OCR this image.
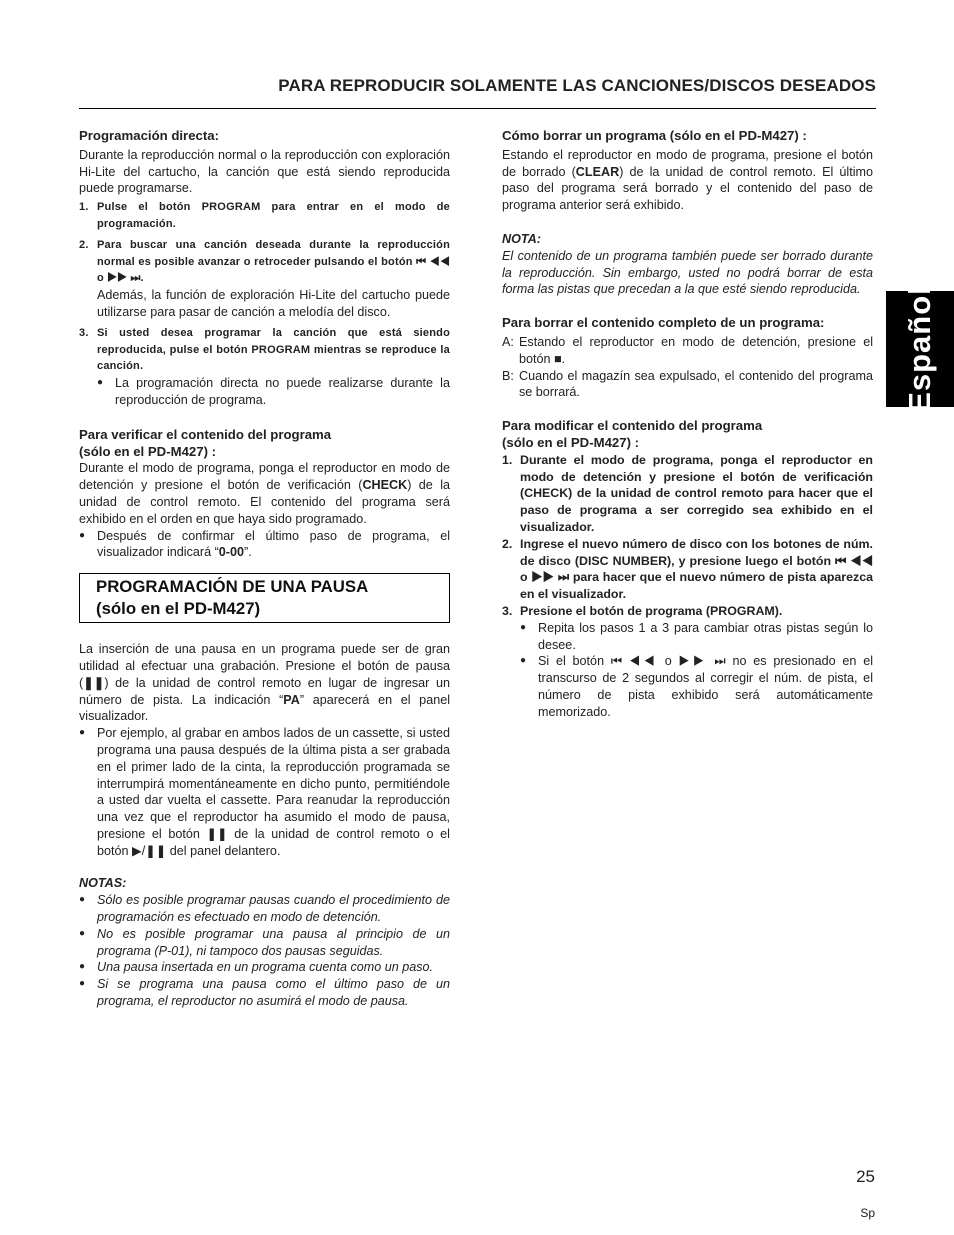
PARA REPRODUCIR SOLAMENTE LAS CANCIONES/DISCOS DESEADOS
Programación directa:

Durante la reproducción normal o la reproducción con exploración Hi-Lite del cartucho, la canción que está siendo reproducida puede programarse.

1. Pulse el botón PROGRAM para entrar en el modo de programación.
2. Para buscar una canción deseada durante la reproducción normal es posible avanzar o retroceder pulsando el botón ⏮ ◀◀ o ▶▶ ⏭.
Además, la función de exploración Hi-Lite del cartucho puede utilizarse para pasar de canción a melodía del disco.
3. Si usted desea programar la canción que está siendo reproducida, pulse el botón PROGRAM mientras se reproduce la canción.
● La programación directa no puede realizarse durante la reproducción de programa.
Para verificar el contenido del programa
(sólo en el PD-M427) :

Durante el modo de programa, ponga el reproductor en modo de detención y presione el botón de verificación (CHECK) de la unidad de control remoto. El contenido del programa será exhibido en el orden en que haya sido programado.

● Después de confirmar el último paso de programa, el visualizador indicará “0-00”.
PROGRAMACIÓN DE UNA PAUSA
(sólo en el PD-M427)

La inserción de una pausa en un programa puede ser de gran utilidad al efectuar una grabación. Presione el botón de pausa (❚❚) de la unidad de control remoto en lugar de ingresar un número de pista. La indicación “PA” aparecerá en el panel visualizador.

● Por ejemplo, al grabar en ambos lados de un cassette, si usted programa una pausa después de la última pista a ser grabada en el primer lado de la cinta, la reproducción programada se interrumpirá momentáneamente en dicho punto, permitiéndole a usted dar vuelta el cassette. Para reanudar la reproducción una vez que el reproductor ha asumido el modo de pausa, presione el botón ❚❚ de la unidad de control remoto o el botón ▶/❚❚ del panel delantero.
NOTAS:
● Sólo es posible programar pausas cuando el procedimiento de programación es efectuado en modo de detención.
● No es posible programar una pausa al principio de un programa (P-01), ni tampoco dos pausas seguidas.
● Una pausa insertada en un programa cuenta como un paso.
● Si se programa una pausa como el último paso de un programa, el reproductor no asumirá el modo de pausa.
Cómo borrar un programa (sólo en el PD-M427) :

Estando el reproductor en modo de programa, presione el botón de borrado (CLEAR) de la unidad de control remoto. El último paso del programa será borrado y el contenido del paso de programa anterior será exhibido.

NOTA:

El contenido de un programa también puede ser borrado durante la reproducción. Sin embargo, usted no podrá borrar de esta forma las pistas que precedan a la que esté siendo reproducida.

Para borrar el contenido completo de un programa:
A: Estando el reproductor en modo de detención, presione el botón ■.
B: Cuando el magazín sea expulsado, el contenido del programa se borrará.
Para modificar el contenido del programa
(sólo en el PD-M427) :
1. Durante el modo de programa, ponga el reproductor en modo de detención y presione el botón de verificación (CHECK) de la unidad de control remoto para hacer que el paso de programa a ser corregido sea exhibido en el visualizador.
2. Ingrese el nuevo número de disco con los botones de núm. de disco (DISC NUMBER), y presione luego el botón ⏮ ◀◀ o ▶▶ ⏭ para hacer que el nuevo número de pista aparezca en el visualizador.
3. Presione el botón de programa (PROGRAM).
● Repita los pasos 1 a 3 para cambiar otras pistas según lo desee.
● Si el botón ⏮ ◀◀ o ▶▶ ⏭ no es presionado en el transcurso de 2 segundos al corregir el núm. de pista, el número de pista exhibido será automáticamente memorizado.
Español
25
Sp
